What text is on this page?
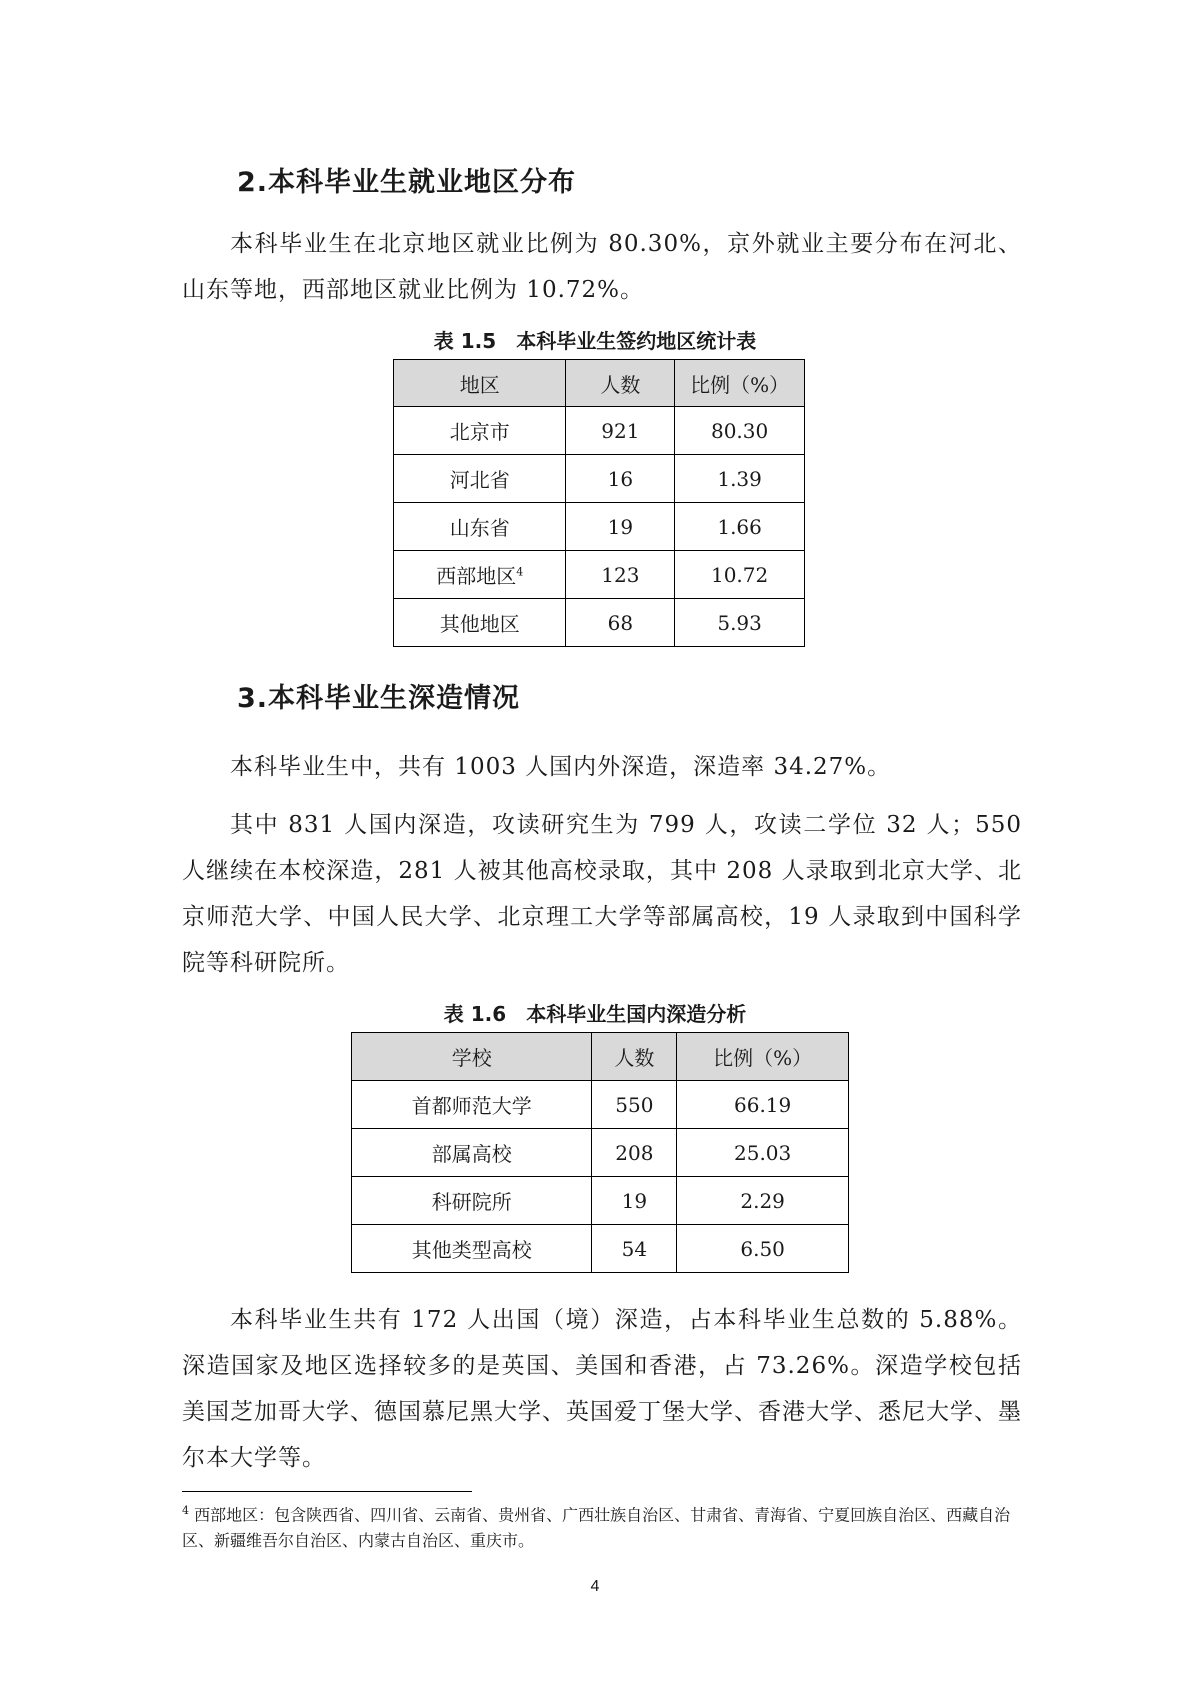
2.本科毕业生就业地区分布

本科毕业生在北京地区就业比例为 80.30%，京外就业主要分布在河北、山东等地，西部地区就业比例为 10.72%。

表 1.5　本科毕业生签约地区统计表
地区	人数	比例（%）
北京市	921	80.30
河北省	16	1.39
山东省	19	1.66
西部地区$^4$	123	10.72
其他地区	68	5.93
3.本科毕业生深造情况

本科毕业生中，共有 1003 人国内外深造，深造率 34.27%。

其中 831 人国内深造，攻读研究生为 799 人，攻读二学位 32 人；550 人继续在本校深造，281 人被其他高校录取，其中 208 人录取到北京大学、北京师范大学、中国人民大学、北京理工大学等部属高校，19 人录取到中国科学院等科研院所。

表 1.6　本科毕业生国内深造分析
学校	人数	比例（%）
首都师范大学	550	66.19
部属高校	208	25.03
科研院所	19	2.29
其他类型高校	54	6.50

本科毕业生共有 172 人出国（境）深造，占本科毕业生总数的 5.88%。深造国家及地区选择较多的是英国、美国和香港，占 73.26%。深造学校包括美国芝加哥大学、德国慕尼黑大学、英国爱丁堡大学、香港大学、悉尼大学、墨尔本大学等。

$^4$ 西部地区：包含陕西省、四川省、云南省、贵州省、广西壮族自治区、甘肃省、青海省、宁夏回族自治区、西藏自治区、新疆维吾尔自治区、内蒙古自治区、重庆市。

4
